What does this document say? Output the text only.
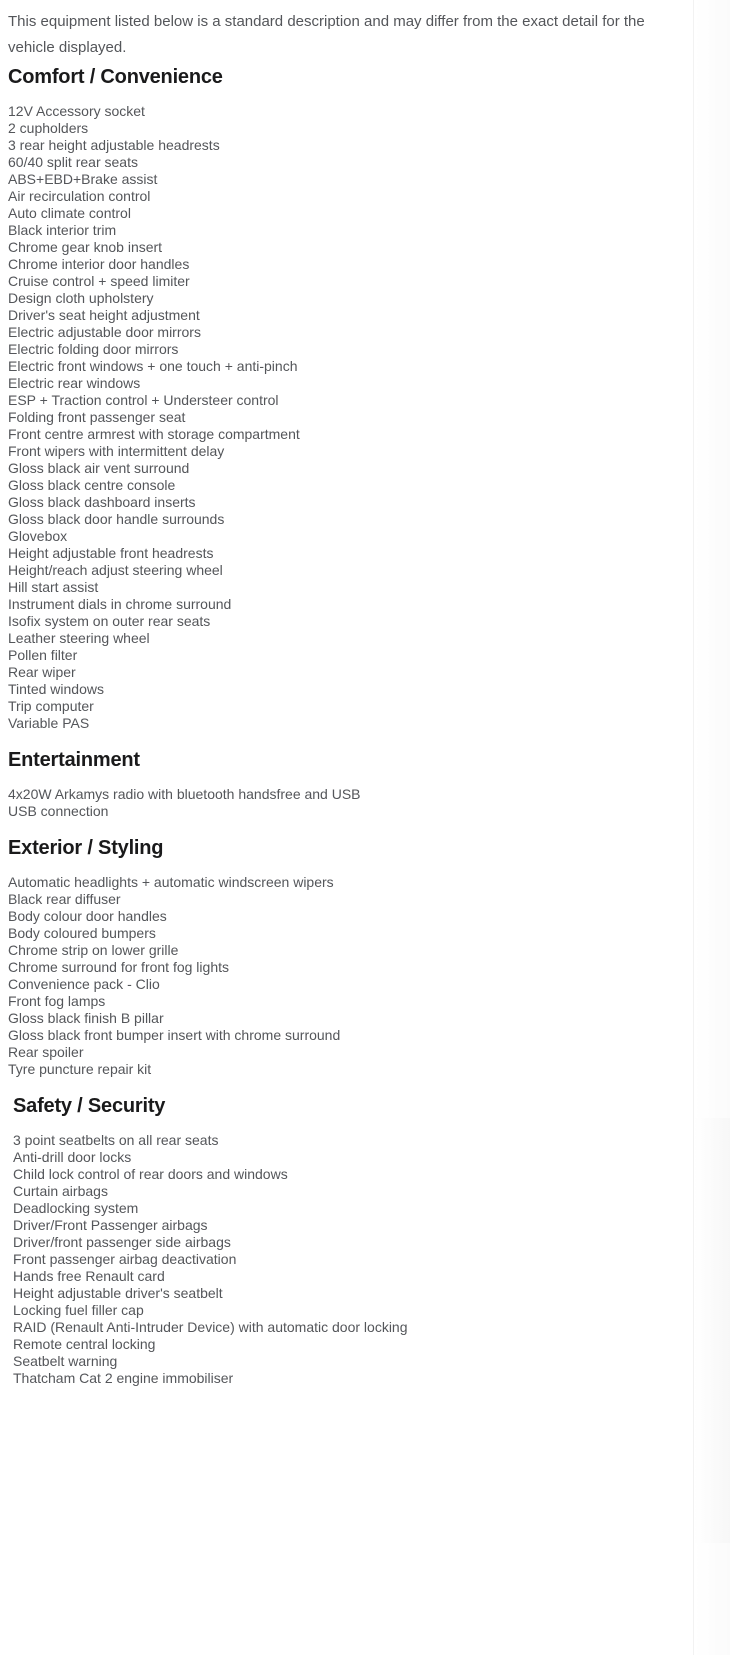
This equipment listed below is a standard description and may differ from the exact detail for the vehicle displayed.

Comfort / Convenience
12V Accessory socket
2 cupholders
3 rear height adjustable headrests
60/40 split rear seats
ABS+EBD+Brake assist
Air recirculation control
Auto climate control
Black interior trim
Chrome gear knob insert
Chrome interior door handles
Cruise control + speed limiter
Design cloth upholstery
Driver's seat height adjustment
Electric adjustable door mirrors
Electric folding door mirrors
Electric front windows + one touch + anti-pinch
Electric rear windows
ESP + Traction control + Understeer control
Folding front passenger seat
Front centre armrest with storage compartment
Front wipers with intermittent delay
Gloss black air vent surround
Gloss black centre console
Gloss black dashboard inserts
Gloss black door handle surrounds
Glovebox
Height adjustable front headrests
Height/reach adjust steering wheel
Hill start assist
Instrument dials in chrome surround
Isofix system on outer rear seats
Leather steering wheel
Pollen filter
Rear wiper
Tinted windows
Trip computer
Variable PAS
Entertainment
4x20W Arkamys radio with bluetooth handsfree and USB
USB connection
Exterior / Styling
Automatic headlights + automatic windscreen wipers
Black rear diffuser
Body colour door handles
Body coloured bumpers
Chrome strip on lower grille
Chrome surround for front fog lights
Convenience pack - Clio
Front fog lamps
Gloss black finish B pillar
Gloss black front bumper insert with chrome surround
Rear spoiler
Tyre puncture repair kit
Safety / Security
3 point seatbelts on all rear seats
Anti-drill door locks
Child lock control of rear doors and windows
Curtain airbags
Deadlocking system
Driver/Front Passenger airbags
Driver/front passenger side airbags
Front passenger airbag deactivation
Hands free Renault card
Height adjustable driver's seatbelt
Locking fuel filler cap
RAID (Renault Anti-Intruder Device) with automatic door locking
Remote central locking
Seatbelt warning
Thatcham Cat 2 engine immobiliser
